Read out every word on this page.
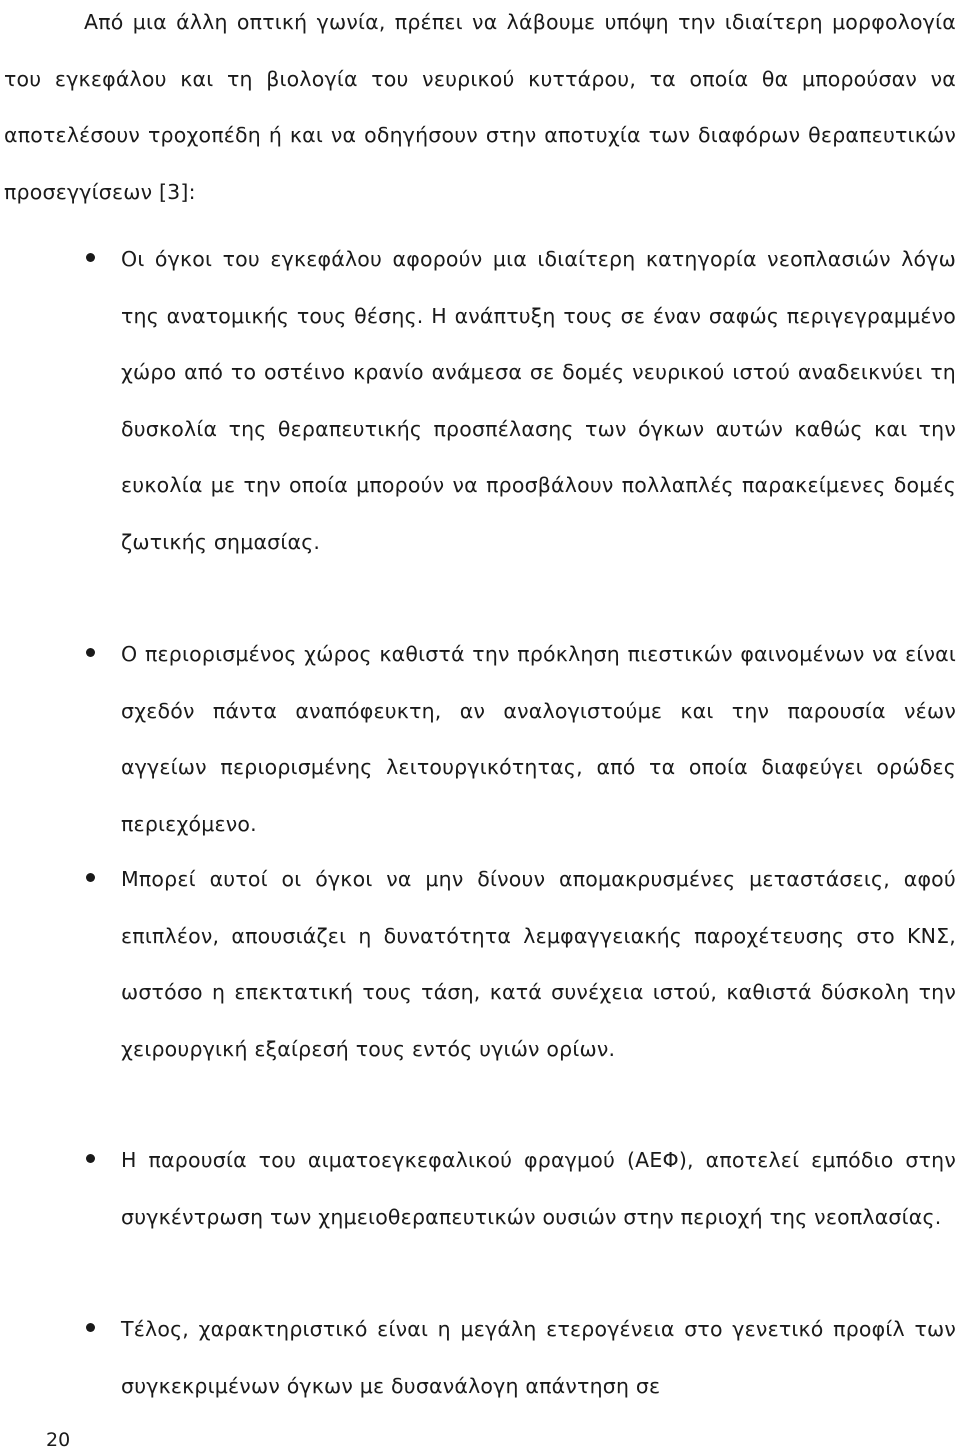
Από μια άλλη οπτική γωνία, πρέπει να λάβουμε υπόψη την ιδιαίτερη μορφολογία του εγκεφάλου και τη βιολογία του νευρικού κυττάρου, τα οποία θα μπορούσαν να αποτελέσουν τροχοπέδη ή και να οδηγήσουν στην αποτυχία των διαφόρων θεραπευτικών προσεγγίσεων [3]:

Οι όγκοι του εγκεφάλου αφορούν μια ιδιαίτερη κατηγορία νεοπλασιών λόγω της ανατομικής τους θέσης. Η ανάπτυξη τους σε έναν σαφώς περιγεγραμμένο χώρο από το οστέινο κρανίο ανάμεσα σε δομές νευρικού ιστού αναδεικνύει τη δυσκολία της θεραπευτικής προσπέλασης των όγκων αυτών καθώς και την ευκολία με την οποία μπορούν να προσβάλουν πολλαπλές παρακείμενες δομές ζωτικής σημασίας.
Ο περιορισμένος χώρος καθιστά την πρόκληση πιεστικών φαινομένων να είναι σχεδόν πάντα αναπόφευκτη, αν αναλογιστούμε και την παρουσία νέων αγγείων περιορισμένης λειτουργικότητας, από τα οποία διαφεύγει ορώδες περιεχόμενο.
Μπορεί αυτοί οι όγκοι να μην δίνουν απομακρυσμένες μεταστάσεις, αφού επιπλέον, απουσιάζει η δυνατότητα λεμφαγγειακής παροχέτευσης στο ΚΝΣ, ωστόσο η επεκτατική τους τάση, κατά συνέχεια ιστού, καθιστά δύσκολη την χειρουργική εξαίρεσή τους εντός υγιών ορίων.
Η παρουσία του αιματοεγκεφαλικού φραγμού (ΑΕΦ), αποτελεί εμπόδιο στην συγκέντρωση των χημειοθεραπευτικών ουσιών στην περιοχή της νεοπλασίας.
Τέλος, χαρακτηριστικό είναι η μεγάλη ετερογένεια στο γενετικό προφίλ των συγκεκριμένων όγκων με δυσανάλογη απάντηση σε

20
